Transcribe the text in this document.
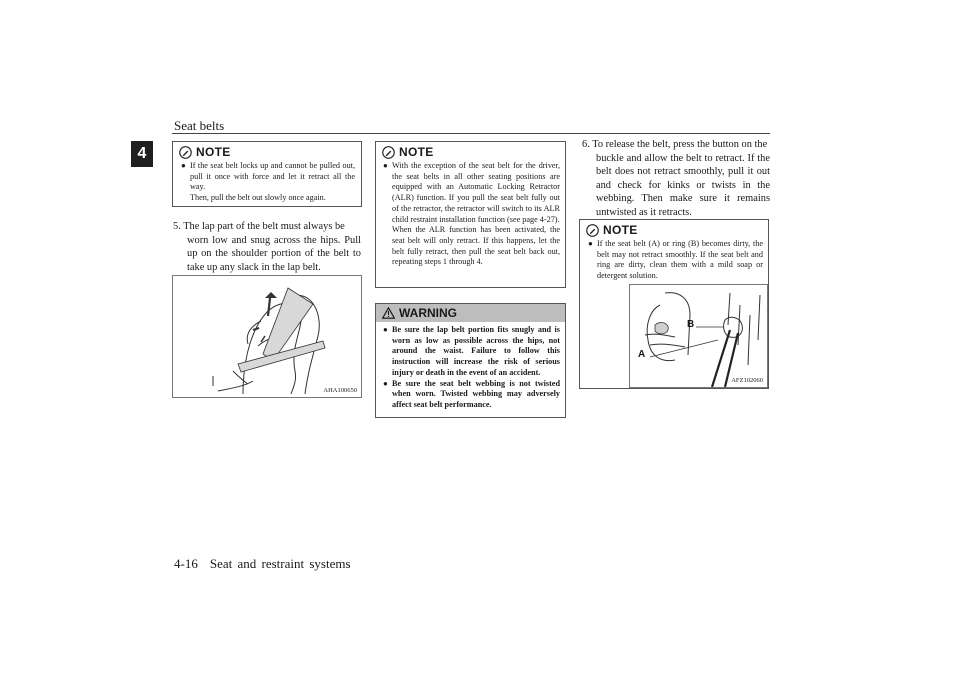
Seat belts
4	NOTE
● If the seat belt locks up and cannot be pulled out, pull it once with force and let it retract all the way.
Then, pull the belt out slowly once again.
5. The lap part of the belt must always be
worn low and snug across the hips. Pull up on the shoulder portion of the belt to take up any slack in the lap belt.
AHA100650
NOTE
● With the exception of the seat belt for the driver, the seat belts in all other seating positions are equipped with an Automatic Locking Retractor (ALR) function. If you pull the seat belt fully out of the retractor, the retractor will switch to its ALR child restraint installation function (see page 4-27).
When the ALR function has been activated, the seat belt will only retract. If this happens, let the belt fully retract, then pull the seat belt back out, repeating steps 1 through 4.
WARNING
● Be sure the lap belt portion fits snugly and is worn as low as possible across the hips, not around the waist. Failure to follow this instruction will increase the risk of serious injury or death in the event of an accident.
● Be sure the seat belt webbing is not twisted when worn. Twisted webbing may adversely affect seat belt performance.
6. To release the belt, press the button on the
buckle and allow the belt to retract. If the belt does not retract smoothly, pull it out and check for kinks or twists in the webbing. Then make sure it remains untwisted as it retracts.
NOTE
● If the seat belt (A) or ring (B) becomes dirty, the belt may not retract smoothly. If the seat belt and ring are dirty, clean them with a mild soap or detergent solution.
B
A
AFZ102060
4-16 Seat and restraint systems
